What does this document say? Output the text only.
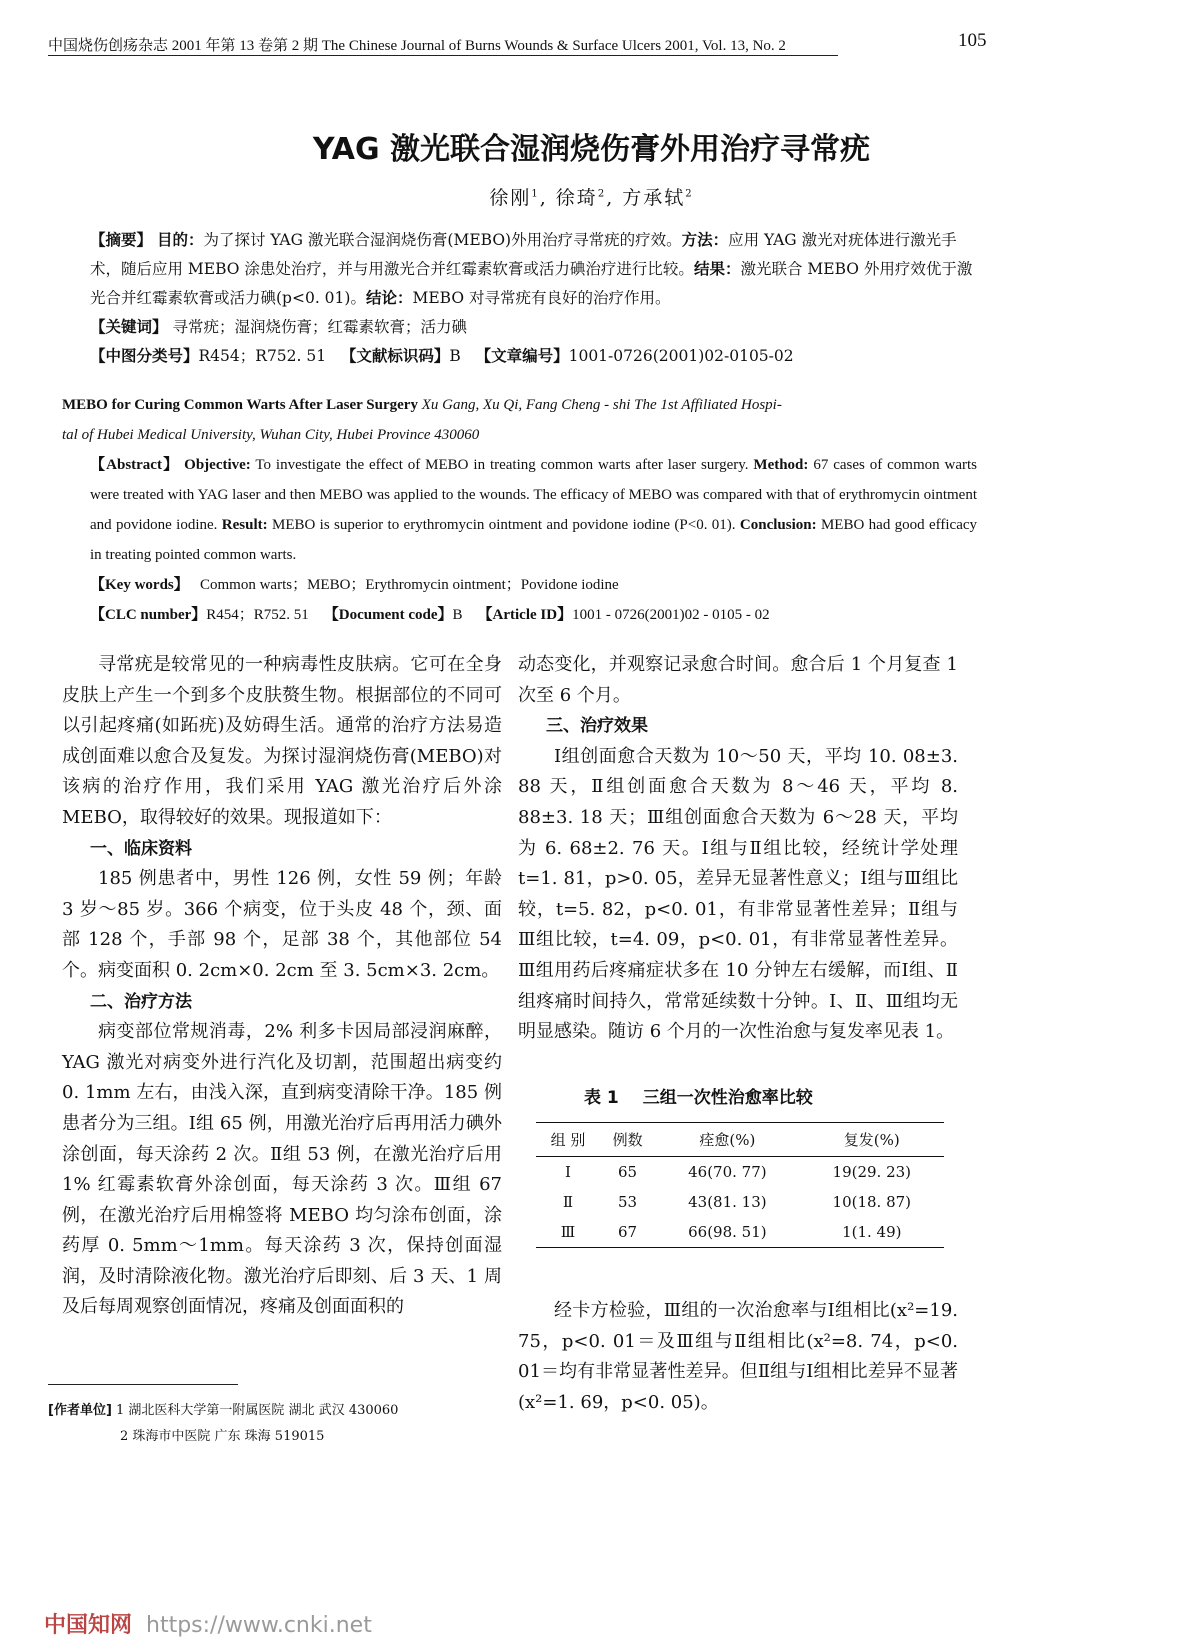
中国烧伤创疡杂志 2001 年第 13 卷第 2 期 The Chinese Journal of Burns Wounds & Surface Ulcers 2001, Vol. 13, No. 2	105
YAG 激光联合湿润烧伤膏外用治疗寻常疣
徐刚$^1$, 徐琦$^2$, 方承轼$^2$
【摘要】 目的：为了探讨 YAG 激光联合湿润烧伤膏(MEBO)外用治疗寻常疣的疗效。方法：应用 YAG 激光对疣体进行激光手术，随后应用 MEBO 涂患处治疗，并与用激光合并红霉素软膏或活力碘治疗进行比较。结果：激光联合 MEBO 外用疗效优于激光合并红霉素软膏或活力碘(p<0. 01)。结论：MEBO 对寻常疣有良好的治疗作用。
【关键词】 寻常疣；湿润烧伤膏；红霉素软膏；活力碘
【中图分类号】R454；R752. 51 【文献标识码】B 【文章编号】1001-0726(2001)02-0105-02
MEBO for Curing Common Warts After Laser Surgery Xu Gang, Xu Qi, Fang Cheng - shi The 1st Affiliated Hospi-
tal of Hubei Medical University, Wuhan City, Hubei Province 430060
【Abstract】 Objective: To investigate the effect of MEBO in treating common warts after laser surgery. Method: 67 cases of common warts were treated with YAG laser and then MEBO was applied to the wounds. The efficacy of MEBO was compared with that of erythromycin ointment and povidone iodine. Result: MEBO is superior to erythromycin ointment and povidone iodine (P<0. 01). Conclusion: MEBO had good efficacy in treating pointed common warts.
【Key words】 Common warts；MEBO；Erythromycin ointment；Povidone iodine
【CLC number】R454；R752. 51 【Document code】B 【Article ID】1001 - 0726(2001)02 - 0105 - 02

寻常疣是较常见的一种病毒性皮肤病。它可在全身皮肤上产生一个到多个皮肤赘生物。根据部位的不同可以引起疼痛(如跖疣)及妨碍生活。通常的治疗方法易造成创面难以愈合及复发。为探讨湿润烧伤膏(MEBO)对该病的治疗作用，我们采用 YAG 激光治疗后外涂 MEBO，取得较好的效果。现报道如下：

一、临床资料

185 例患者中，男性 126 例，女性 59 例；年龄 3 岁～85 岁。366 个病变，位于头皮 48 个，颈、面部 128 个，手部 98 个，足部 38 个，其他部位 54 个。病变面积 0. 2cm×0. 2cm 至 3. 5cm×3. 2cm。

二、治疗方法

病变部位常规消毒，2% 利多卡因局部浸润麻醉，YAG 激光对病变外进行汽化及切割，范围超出病变约 0. 1mm 左右，由浅入深，直到病变清除干净。185 例患者分为三组。Ⅰ组 65 例，用激光治疗后再用活力碘外涂创面，每天涂药 2 次。Ⅱ组 53 例，在激光治疗后用 1% 红霉素软膏外涂创面，每天涂药 3 次。Ⅲ组 67 例，在激光治疗后用棉签将 MEBO 均匀涂布创面，涂药厚 0. 5mm～1mm。每天涂药 3 次，保持创面湿润，及时清除液化物。激光治疗后即刻、后 3 天、1 周及后每周观察创面情况，疼痛及创面面积的

动态变化，并观察记录愈合时间。愈合后 1 个月复查 1 次至 6 个月。

三、治疗效果

Ⅰ组创面愈合天数为 10～50 天，平均 10. 08±3. 88 天，Ⅱ组创面愈合天数为 8～46 天，平均 8. 88±3. 18 天；Ⅲ组创面愈合天数为 6～28 天，平均为 6. 68±2. 76 天。Ⅰ组与Ⅱ组比较，经统计学处理 t=1. 81，p>0. 05，差异无显著性意义；Ⅰ组与Ⅲ组比较，t=5. 82，p<0. 01，有非常显著性差异；Ⅱ组与Ⅲ组比较，t=4. 09，p<0. 01，有非常显著性差异。Ⅲ组用药后疼痛症状多在 10 分钟左右缓解，而Ⅰ组、Ⅱ组疼痛时间持久，常常延续数十分钟。Ⅰ、Ⅱ、Ⅲ组均无明显感染。随访 6 个月的一次性治愈与复发率见表 1。

表 1 三组一次性治愈率比较
组 别	例数	痊愈(%)	复发(%)
Ⅰ	65	46(70. 77)	19(29. 23)
Ⅱ	53	43(81. 13)	10(18. 87)
Ⅲ	67	66(98. 51)	1(1. 49)

经卡方检验，Ⅲ组的一次治愈率与Ⅰ组相比(x²=19. 75，p<0. 01＝及Ⅲ组与Ⅱ组相比(x²=8. 74，p<0. 01＝均有非常显著性差异。但Ⅱ组与Ⅰ组相比差异不显著(x²=1. 69，p<0. 05)。

[作者单位] 1 湖北医科大学第一附属医院 湖北 武汉 430060
2 珠海市中医院 广东 珠海 519015
中国知网 https://www.cnki.net
